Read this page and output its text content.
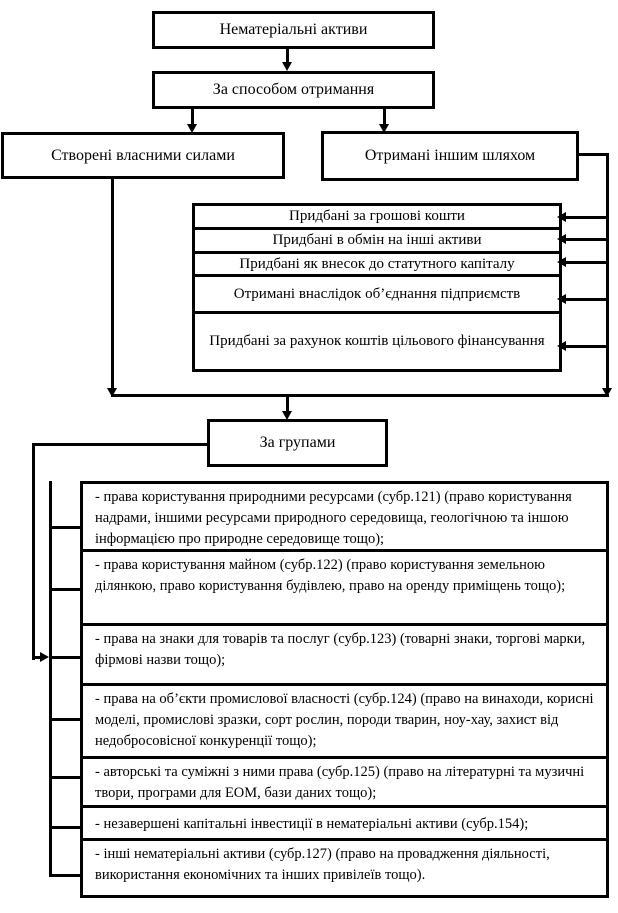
Нематеріальні активи
За способом отримання
Створені власними силами	Отримані іншим шляхом
Придбані за грошові кошти
Придбані в обмін на інші активи
Придбані як внесок до статутного капіталу
Отримані внаслідок об’єднання підприємств
Придбані за рахунок коштів цільового фінансування
За групами
- права користування природними ресурсами (субр.121) (право користування надрами, іншими ресурсами природного середовища, геологічною та іншою інформацією про природне середовище тощо);
- права користування майном (субр.122) (право користування земельною ділянкою, право користування будівлею, право на оренду приміщень тощо);
- права на знаки для товарів та послуг (субр.123) (товарні знаки, торгові марки, фірмові назви тощо);
- права на об’єкти промислової власності (субр.124) (право на винаходи, корисні моделі, промислові зразки, сорт рослин, породи тварин, ноу-хау, захист від недобросовісної конкуренції тощо);
- авторські та суміжні з ними права (субр.125) (право на літературні та музичні твори, програми для ЕОМ, бази даних тощо);
- незавершені капітальні інвестиції в нематеріальні активи (субр.154);
- інші нематеріальні активи (субр.127) (право на провадження діяльності, використання економічних та інших привілеїв тощо).
